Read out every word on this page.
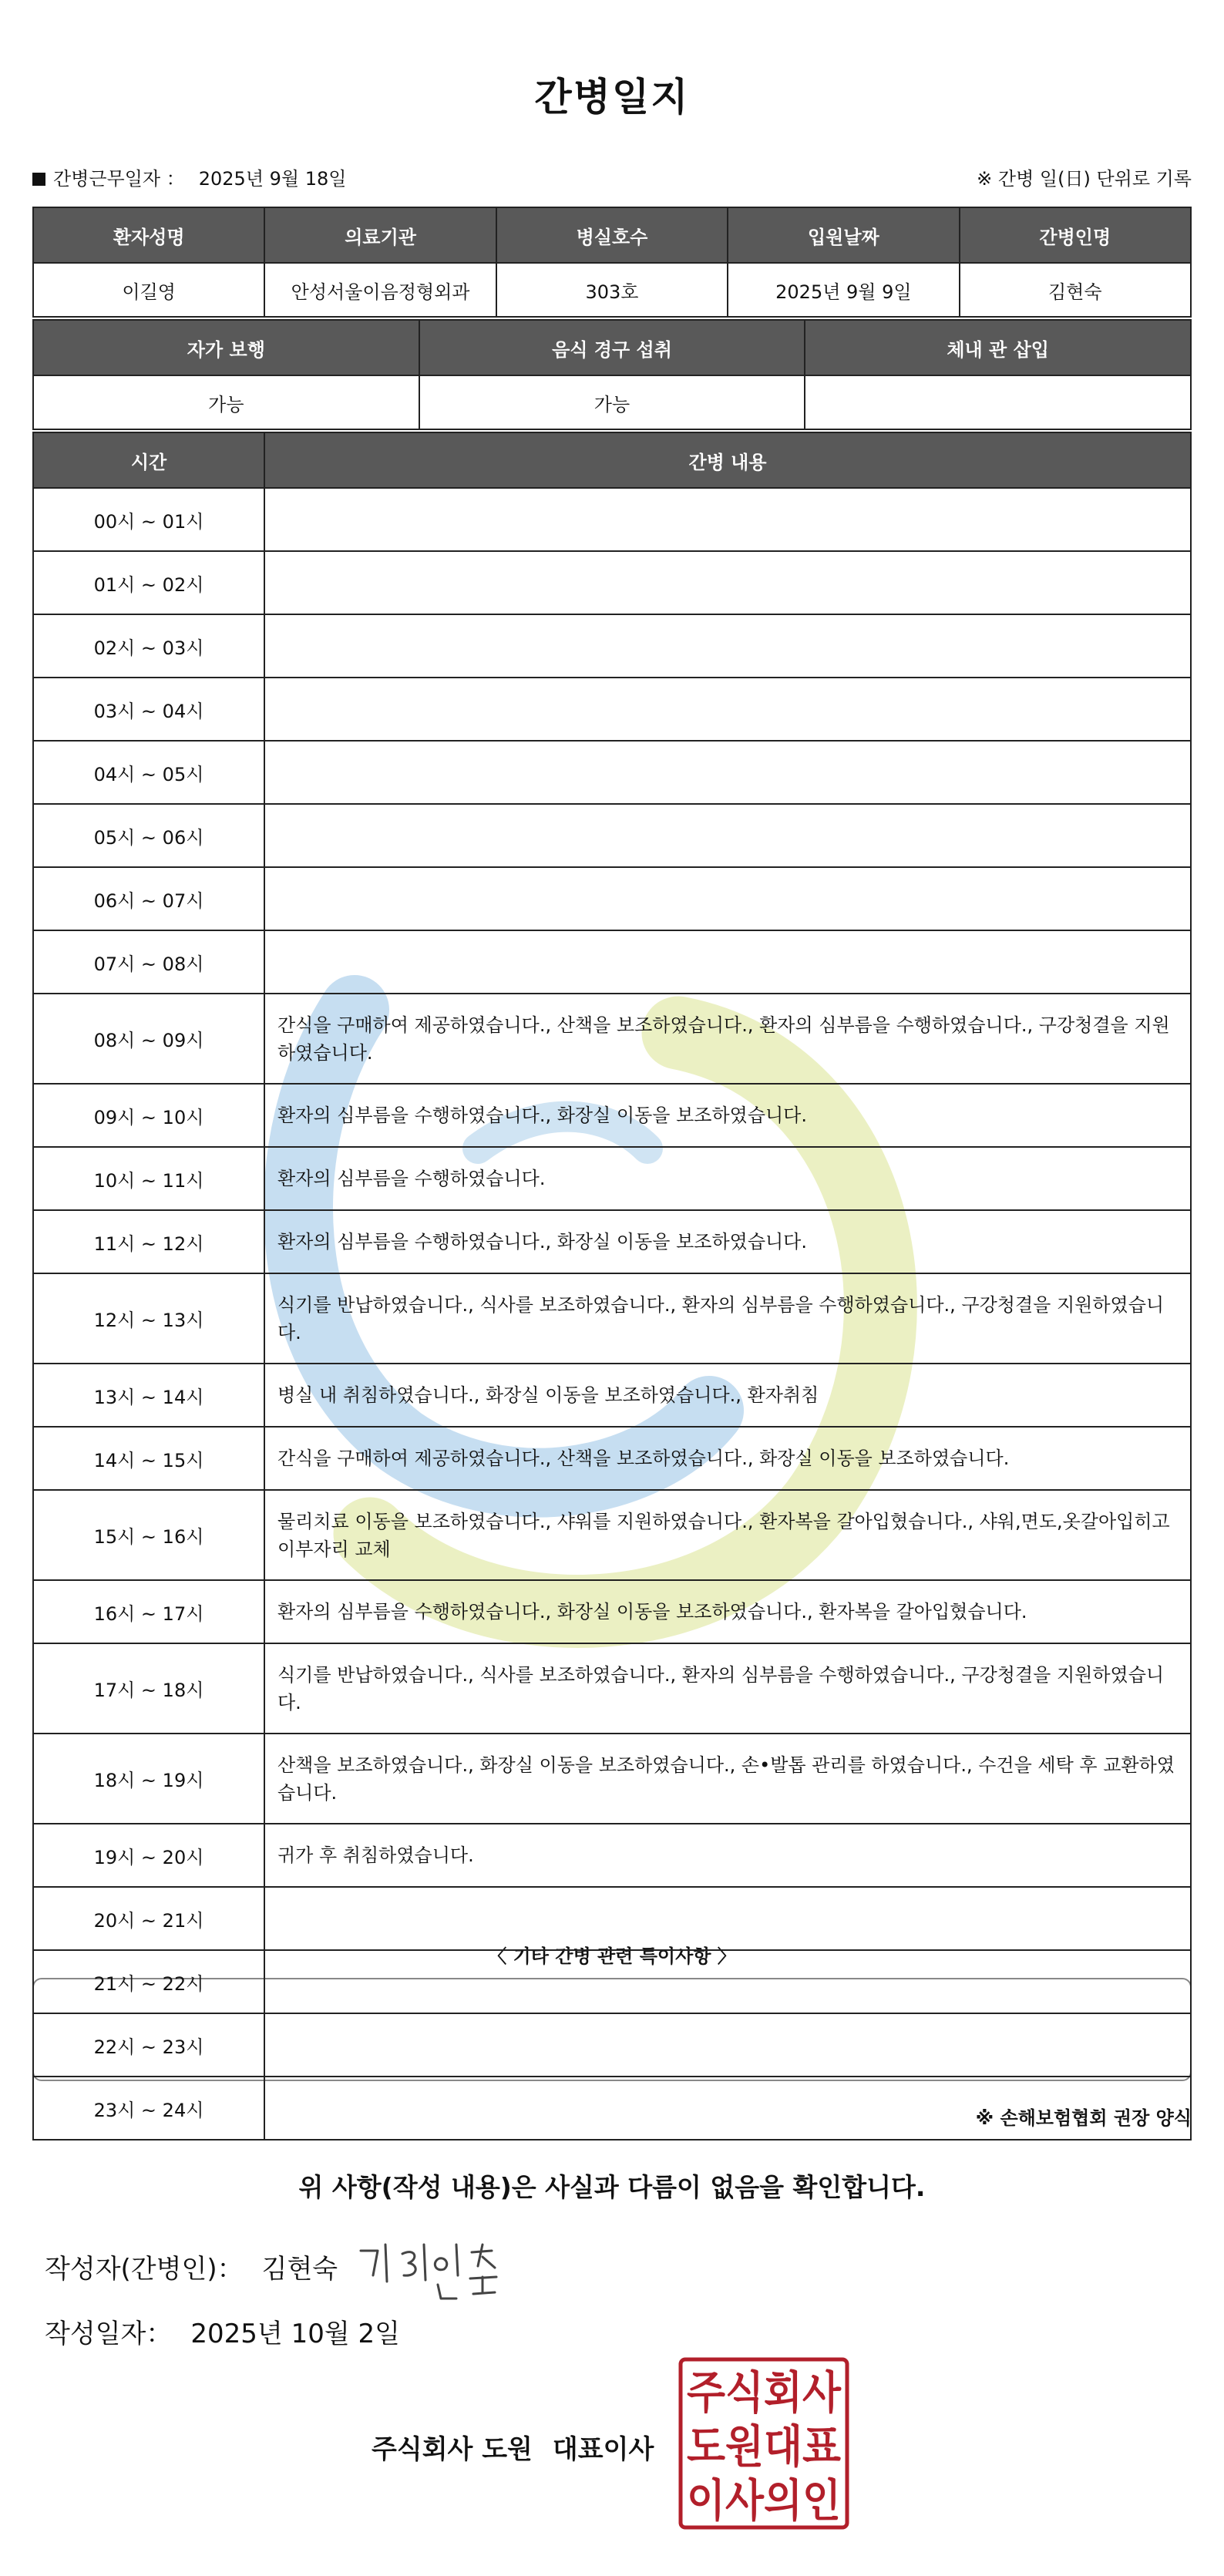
간병일지
간병근무일자 ： 2025년 9월 18일	※ 간병 일(日) 단위로 기록
환자성명	의료기관	병실호수	입원날짜	간병인명
이길영	안성서울이음정형외과	303호	2025년 9월 9일	김현숙
자가 보행	음식 경구 섭취	체내 관 삽입
가능	가능	
시간	간병 내용
00시 ~ 01시	
01시 ~ 02시	
02시 ~ 03시	
03시 ~ 04시	
04시 ~ 05시	
05시 ~ 06시	
06시 ~ 07시	
07시 ~ 08시	
08시 ~ 09시	간식을 구매하여 제공하였습니다., 산책을 보조하였습니다., 환자의 심부름을 수행하였습니다., 구강청결을 지원하였습니다.
09시 ~ 10시	환자의 심부름을 수행하였습니다., 화장실 이동을 보조하였습니다.
10시 ~ 11시	환자의 심부름을 수행하였습니다.
11시 ~ 12시	환자의 심부름을 수행하였습니다., 화장실 이동을 보조하였습니다.
12시 ~ 13시	식기를 반납하였습니다., 식사를 보조하였습니다., 환자의 심부름을 수행하였습니다., 구강청결을 지원하였습니다.
13시 ~ 14시	병실 내 취침하였습니다., 화장실 이동을 보조하였습니다., 환자취침
14시 ~ 15시	간식을 구매하여 제공하였습니다., 산책을 보조하였습니다., 화장실 이동을 보조하였습니다.
15시 ~ 16시	물리치료 이동을 보조하였습니다., 샤워를 지원하였습니다., 환자복을 갈아입혔습니다., 샤워,면도,옷갈아입히고 이부자리 교체
16시 ~ 17시	환자의 심부름을 수행하였습니다., 화장실 이동을 보조하였습니다., 환자복을 갈아입혔습니다.
17시 ~ 18시	식기를 반납하였습니다., 식사를 보조하였습니다., 환자의 심부름을 수행하였습니다., 구강청결을 지원하였습니다.
18시 ~ 19시	산책을 보조하였습니다., 화장실 이동을 보조하였습니다., 손•발톱 관리를 하였습니다., 수건을 세탁 후 교환하였습니다.
19시 ~ 20시	귀가 후 취침하였습니다.
20시 ~ 21시	
21시 ~ 22시	
22시 ~ 23시	
23시 ~ 24시	
〈 기타 간병 관련 특이사항 〉
※ 손해보험협회 권장 양식
위 사항(작성 내용)은 사실과 다름이 없음을 확인합니다.
작성자(간병인)： 김현숙
작성일자： 2025년 10월 2일
주식회사 도원 대표이사
주식회사
도원대표
이사의인
